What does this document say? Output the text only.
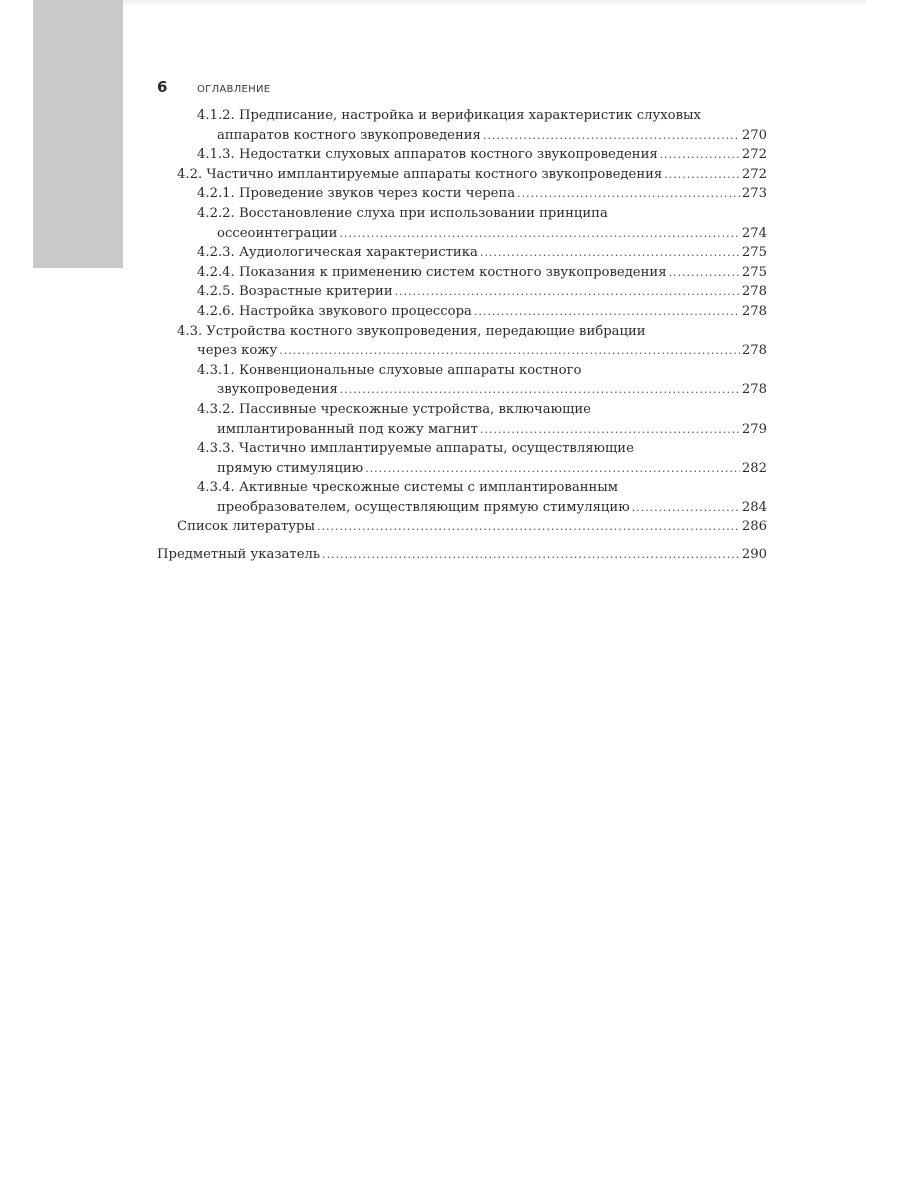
6	ОГЛАВЛЕНИЕ
4.1.2. Предписание, настройка и верификация характеристик слуховых
аппаратов костного звукопроведения .....	270
4.1.3. Недостатки слуховых аппаратов костного звукопроведения .....	272
4.2. Частично имплантируемые аппараты костного звукопроведения .....	272
4.2.1. Проведение звуков через кости черепа .....	273
4.2.2. Восстановление слуха при использовании принципа
оссеоинтеграции .....	274
4.2.3. Аудиологическая характеристика .....	275
4.2.4. Показания к применению систем костного звукопроведения .....	275
4.2.5. Возрастные критерии .....	278
4.2.6. Настройка звукового процессора .....	278
4.3. Устройства костного звукопроведения, передающие вибрации
через кожу .....	278
4.3.1. Конвенциональные слуховые аппараты костного
звукопроведения .....	278
4.3.2. Пассивные чрескожные устройства, включающие
имплантированный под кожу магнит .....	279
4.3.3. Частично имплантируемые аппараты, осуществляющие
прямую стимуляцию .....	282
4.3.4. Активные чрескожные системы с имплантированным
преобразователем, осуществляющим прямую стимуляцию .....	284
Список литературы .....	286
Предметный указатель .....	290
